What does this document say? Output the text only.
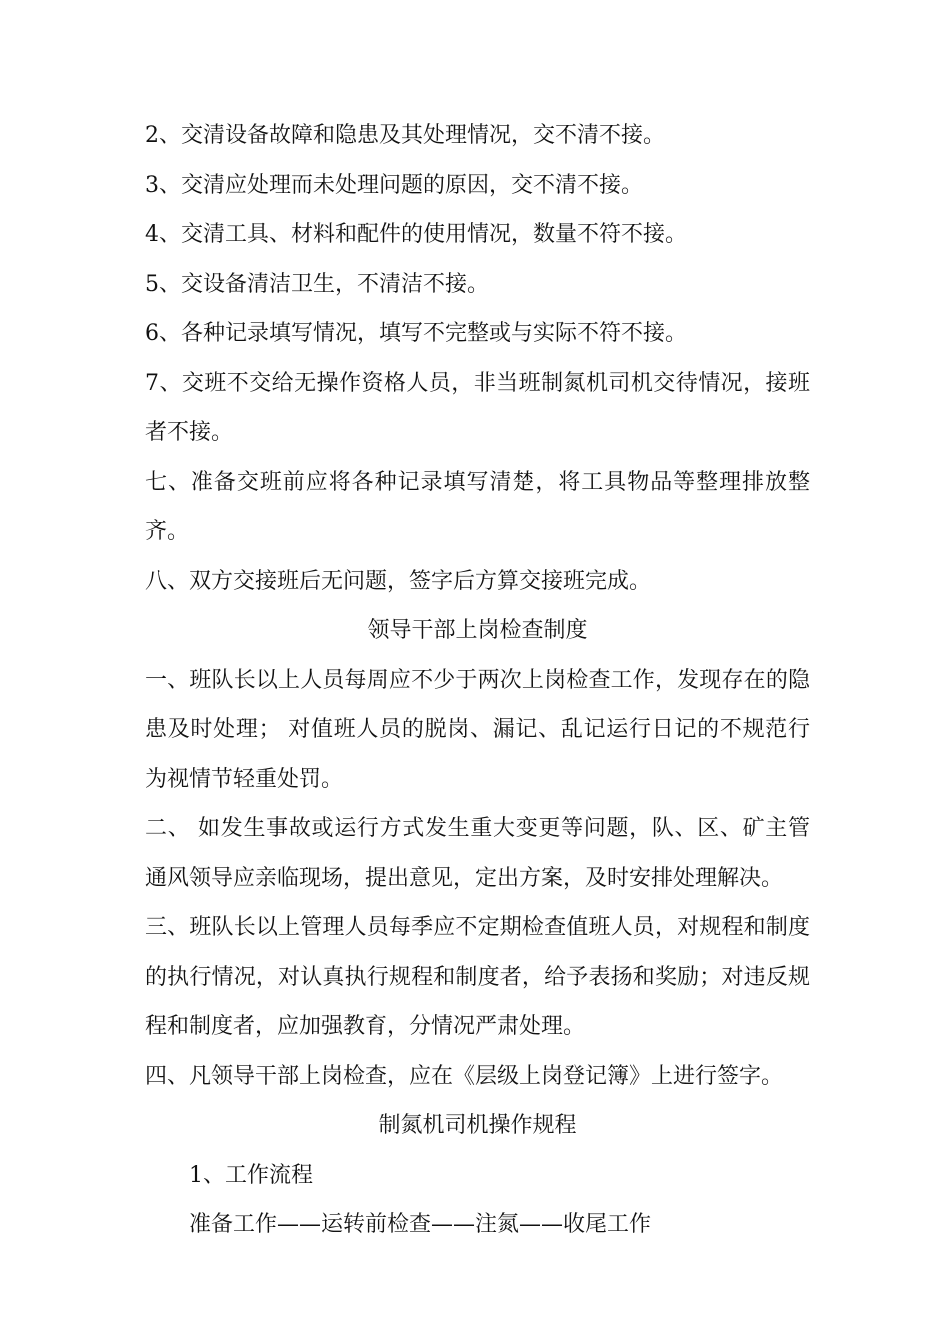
2、交清设备故障和隐患及其处理情况，交不清不接。

3、交清应处理而未处理问题的原因，交不清不接。

4、交清工具、材料和配件的使用情况，数量不符不接。

5、交设备清洁卫生，不清洁不接。

6、各种记录填写情况，填写不完整或与实际不符不接。

7、交班不交给无操作资格人员，非当班制氮机司机交待情况，接班者不接。

七、准备交班前应将各种记录填写清楚，将工具物品等整理排放整齐。

八、双方交接班后无问题，签字后方算交接班完成。

领导干部上岗检查制度

一、班队长以上人员每周应不少于两次上岗检查工作，发现存在的隐患及时处理； 对值班人员的脱岗、漏记、乱记运行日记的不规范行为视情节轻重处罚。

二、 如发生事故或运行方式发生重大变更等问题，队、区、矿主管通风领导应亲临现场，提出意见，定出方案，及时安排处理解决。

三、班队长以上管理人员每季应不定期检查值班人员，对规程和制度的执行情况，对认真执行规程和制度者，给予表扬和奖励；对违反规程和制度者，应加强教育，分情况严肃处理。

四、凡领导干部上岗检查，应在《层级上岗登记簿》上进行签字。

制氮机司机操作规程

1、工作流程

准备工作——运转前检查——注氮——收尾工作
